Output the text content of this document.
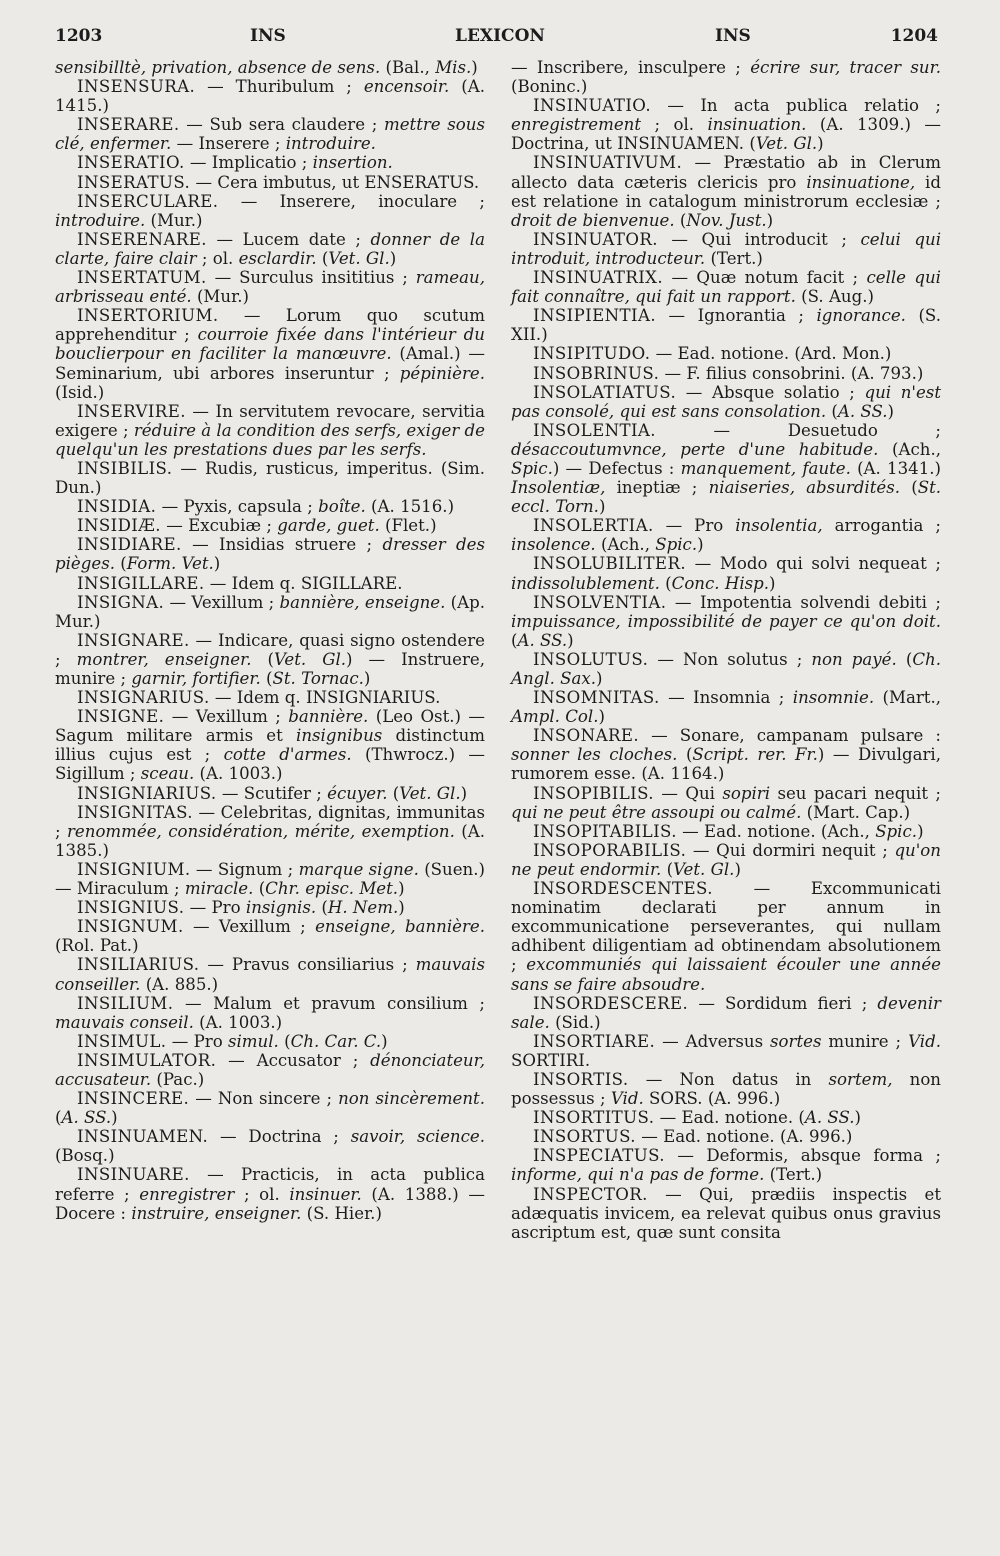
1203	INS	LEXICON	INS	1204

sensibilltè, privation, absence de sens. (Bal., Mis.)

INSENSURA. — Thuribulum ; encensoir. (A. 1415.)

INSERARE. — Sub sera claudere ; mettre sous clé, enfermer. — Inserere ; introduire.

INSERATIO. — Implicatio ; insertion.

INSERATUS. — Cera imbutus, ut ENSERATUS.

INSERCULARE. — Inserere, inoculare ; introduire. (Mur.)

INSERENARE. — Lucem date ; donner de la clarte, faire clair ; ol. esclardir. (Vet. Gl.)

INSERTATUM. — Surculus insititius ; rameau, arbrisseau enté. (Mur.)

INSERTORIUM. — Lorum quo scutum apprehenditur ; courroie fixée dans l'intérieur du bouclierpour en faciliter la manœuvre. (Amal.) — Seminarium, ubi arbores inseruntur ; pépinière. (Isid.)

INSERVIRE. — In servitutem revocare, servitia exigere ; réduire à la condition des serfs, exiger de quelqu'un les prestations dues par les serfs.

INSIBILIS. — Rudis, rusticus, imperitus. (Sim. Dun.)

INSIDIA. — Pyxis, capsula ; boîte. (A. 1516.)

INSIDIÆ. — Excubiæ ; garde, guet. (Flet.)

INSIDIARE. — Insidias struere ; dresser des pièges. (Form. Vet.)

INSIGILLARE. — Idem q. SIGILLARE.

INSIGNA. — Vexillum ; bannière, enseigne. (Ap. Mur.)

INSIGNARE. — Indicare, quasi signo ostendere ; montrer, enseigner. (Vet. Gl.) — Instruere, munire ; garnir, fortifier. (St. Tornac.)

INSIGNARIUS. — Idem q. INSIGNIARIUS.

INSIGNE. — Vexillum ; bannière. (Leo Ost.) — Sagum militare armis et insignibus distinctum illius cujus est ; cotte d'armes. (Thwrocz.) — Sigillum ; sceau. (A. 1003.)

INSIGNIARIUS. — Scutifer ; écuyer. (Vet. Gl.)

INSIGNITAS. — Celebritas, dignitas, immunitas ; renommée, considération, mérite, exemption. (A. 1385.)

INSIGNIUM. — Signum ; marque signe. (Suen.) — Miraculum ; miracle. (Chr. episc. Met.)

INSIGNIUS. — Pro insignis. (H. Nem.)

INSIGNUM. — Vexillum ; enseigne, bannière. (Rol. Pat.)

INSILIARIUS. — Pravus consiliarius ; mauvais conseiller. (A. 885.)

INSILIUM. — Malum et pravum consilium ; mauvais conseil. (A. 1003.)

INSIMUL. — Pro simul. (Ch. Car. C.)

INSIMULATOR. — Accusator ; dénonciateur, accusateur. (Pac.)

INSINCERE. — Non sincere ; non sincèrement. (A. SS.)

INSINUAMEN. — Doctrina ; savoir, science. (Bosq.)

INSINUARE. — Practicis, in acta publica referre ; enregistrer ; ol. insinuer. (A. 1388.) — Docere : instruire, enseigner. (S. Hier.)

— Inscribere, insculpere ; écrire sur, tracer sur. (Boninc.)

INSINUATIO. — In acta publica relatio ; enregistrement ; ol. insinuation. (A. 1309.) — Doctrina, ut INSINUAMEN. (Vet. Gl.)

INSINUATIVUM. — Præstatio ab in Clerum allecto data cæteris clericis pro insinuatione, id est relatione in catalogum ministrorum ecclesiæ ; droit de bienvenue. (Nov. Just.)

INSINUATOR. — Qui introducit ; celui qui introduit, introducteur. (Tert.)

INSINUATRIX. — Quæ notum facit ; celle qui fait connaître, qui fait un rapport. (S. Aug.)

INSIPIENTIA. — Ignorantia ; ignorance. (S. XII.)

INSIPITUDO. — Ead. notione. (Ard. Mon.)

INSOBRINUS. — F. filius consobrini. (A. 793.)

INSOLATIATUS. — Absque solatio ; qui n'est pas consolé, qui est sans consolation. (A. SS.)

INSOLENTIA. — Desuetudo ; désaccoutumvnce, perte d'une habitude. (Ach., Spic.) — Defectus : manquement, faute. (A. 1341.) Insolentiæ, ineptiæ ; niaiseries, absurdités. (St. eccl. Torn.)

INSOLERTIA. — Pro insolentia, arrogantia ; insolence. (Ach., Spic.)

INSOLUBILITER. — Modo qui solvi nequeat ; indissolublement. (Conc. Hisp.)

INSOLVENTIA. — Impotentia solvendi debiti ; impuissance, impossibilité de payer ce qu'on doit. (A. SS.)

INSOLUTUS. — Non solutus ; non payé. (Ch. Angl. Sax.)

INSOMNITAS. — Insomnia ; insomnie. (Mart., Ampl. Col.)

INSONARE. — Sonare, campanam pulsare : sonner les cloches. (Script. rer. Fr.) — Divulgari, rumorem esse. (A. 1164.)

INSOPIBILIS. — Qui sopiri seu pacari nequit ; qui ne peut être assoupi ou calmé. (Mart. Cap.)

INSOPITABILIS. — Ead. notione. (Ach., Spic.)

INSOPORABILIS. — Qui dormiri nequit ; qu'on ne peut endormir. (Vet. Gl.)

INSORDESCENTES. — Excommunicati nominatim declarati per annum in excommunicatione perseverantes, qui nullam adhibent diligentiam ad obtinendam absolutionem ; excommuniés qui laissaient écouler une année sans se faire absoudre.

INSORDESCERE. — Sordidum fieri ; devenir sale. (Sid.)

INSORTIARE. — Adversus sortes munire ; Vid. SORTIRI.

INSORTIS. — Non datus in sortem, non possessus ; Vid. SORS. (A. 996.)

INSORTITUS. — Ead. notione. (A. SS.)

INSORTUS. — Ead. notione. (A. 996.)

INSPECIATUS. — Deformis, absque forma ; informe, qui n'a pas de forme. (Tert.)

INSPECTOR. — Qui, prædiis inspectis et adæquatis invicem, ea relevat quibus onus gravius ascriptum est, quæ sunt consita
